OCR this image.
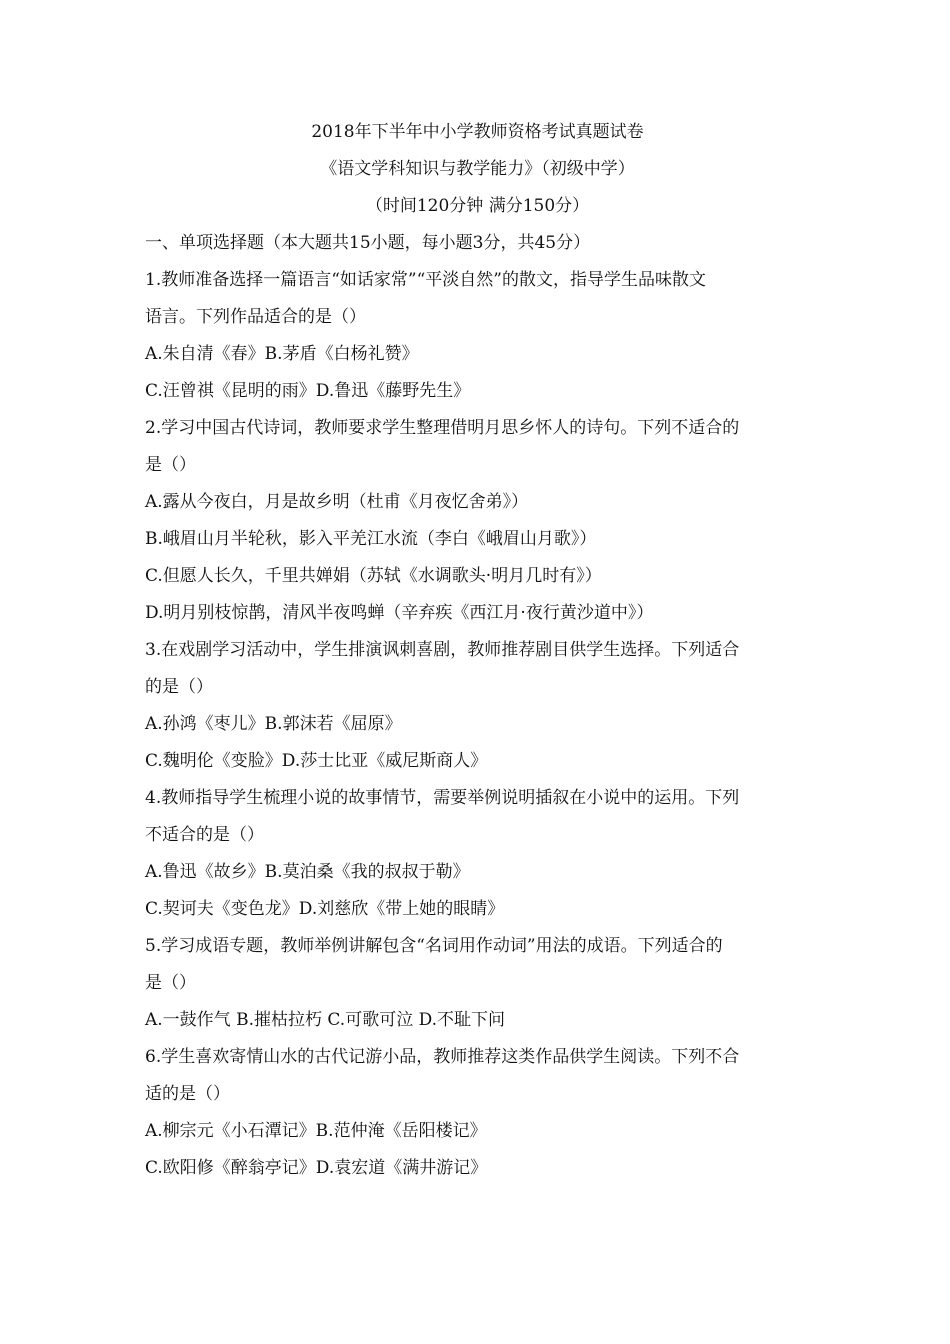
2018年下半年中小学教师资格考试真题试卷
《语文学科知识与教学能力》（初级中学）
（时间120分钟 满分150分）
一、单项选择题（本大题共15小题，每小题3分，共45分）
1.教师准备选择一篇语言“如话家常”“平淡自然”的散文，指导学生品味散文
语言。下列作品适合的是（）
A.朱自清《春》B.茅盾《白杨礼赞》
C.汪曾祺《昆明的雨》D.鲁迅《藤野先生》
2.学习中国古代诗词，教师要求学生整理借明月思乡怀人的诗句。下列不适合的
是（）
A.露从今夜白，月是故乡明（杜甫《月夜忆舍弟》）
B.峨眉山月半轮秋，影入平羌江水流（李白《峨眉山月歌》）
C.但愿人长久，千里共婵娟（苏轼《水调歌头·明月几时有》）
D.明月别枝惊鹊，清风半夜鸣蝉（辛弃疾《西江月·夜行黄沙道中》）
3.在戏剧学习活动中，学生排演讽刺喜剧，教师推荐剧目供学生选择。下列适合
的是（）
A.孙鸿《枣儿》B.郭沫若《屈原》
C.魏明伦《变脸》D.莎士比亚《威尼斯商人》
4.教师指导学生梳理小说的故事情节，需要举例说明插叙在小说中的运用。下列
不适合的是（）
A.鲁迅《故乡》B.莫泊桑《我的叔叔于勒》
C.契诃夫《变色龙》D.刘慈欣《带上她的眼睛》
5.学习成语专题，教师举例讲解包含“名词用作动词”用法的成语。下列适合的
是（）
A.一鼓作气 B.摧枯拉朽 C.可歌可泣 D.不耻下问
6.学生喜欢寄情山水的古代记游小品，教师推荐这类作品供学生阅读。下列不合
适的是（）
A.柳宗元《小石潭记》B.范仲淹《岳阳楼记》
C.欧阳修《醉翁亭记》D.袁宏道《满井游记》
